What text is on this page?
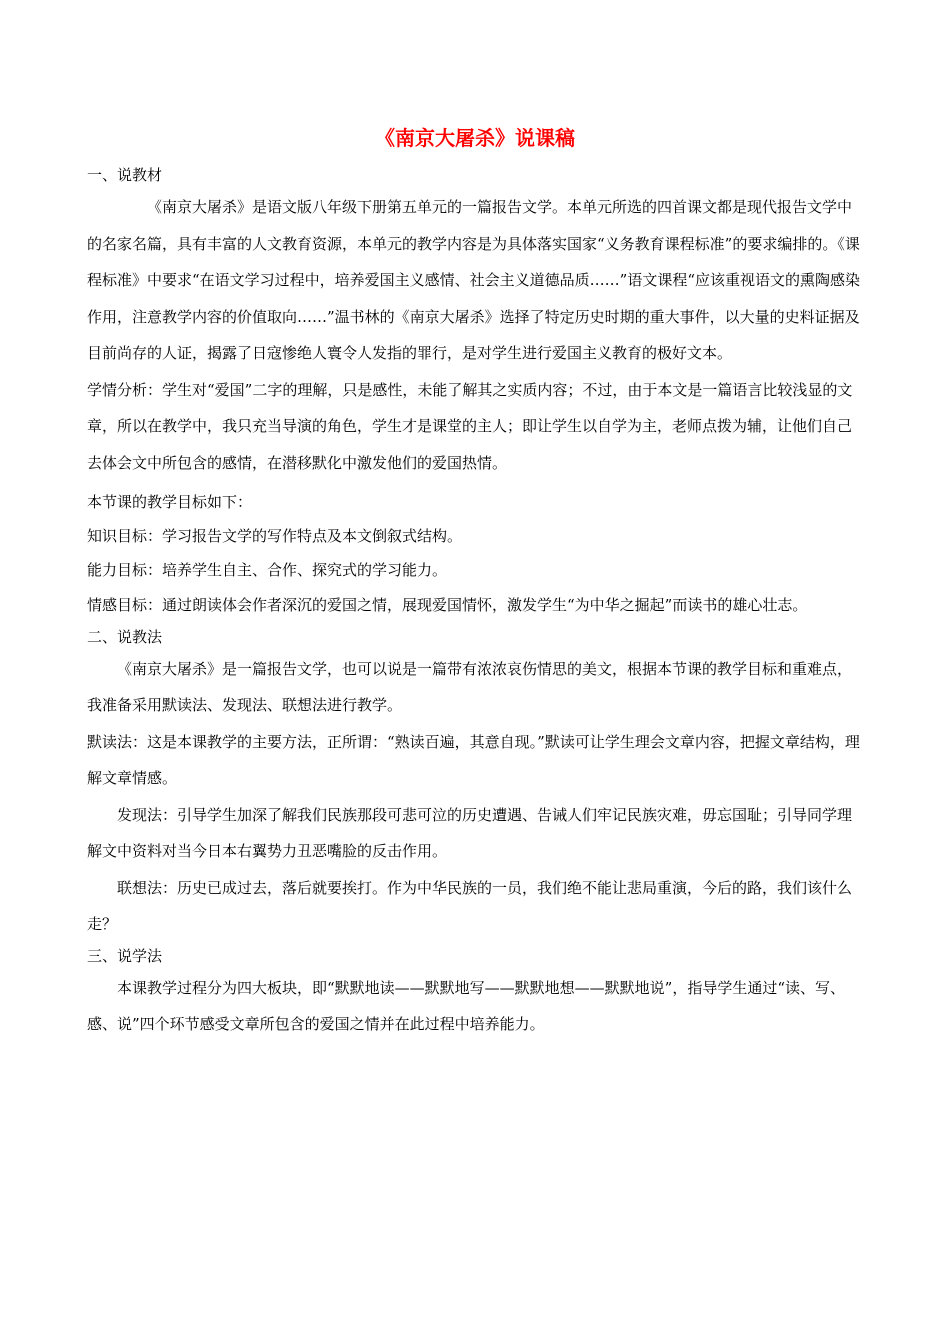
《南京大屠杀》说课稿

一、说教材

《南京大屠杀》是语文版八年级下册第五单元的一篇报告文学。本单元所选的四首课文都是现代报告文学中的名家名篇，具有丰富的人文教育资源，本单元的教学内容是为具体落实国家“义务教育课程标准”的要求编排的。《课程标准》中要求“在语文学习过程中，培养爱国主义感情、社会主义道德品质……”语文课程“应该重视语文的熏陶感染作用，注意教学内容的价值取向……”温书林的《南京大屠杀》选择了特定历史时期的重大事件，以大量的史料证据及目前尚存的人证，揭露了日寇惨绝人寰令人发指的罪行，是对学生进行爱国主义教育的极好文本。

学情分析：学生对“爱国”二字的理解，只是感性，未能了解其之实质内容；不过，由于本文是一篇语言比较浅显的文章，所以在教学中，我只充当导演的角色，学生才是课堂的主人；即让学生以自学为主，老师点拨为辅，让他们自己去体会文中所包含的感情，在潜移默化中激发他们的爱国热情。

本节课的教学目标如下：

知识目标：学习报告文学的写作特点及本文倒叙式结构。

能力目标：培养学生自主、合作、探究式的学习能力。

情感目标：通过朗读体会作者深沉的爱国之情，展现爱国情怀，激发学生“为中华之掘起”而读书的雄心壮志。

二、说教法

《南京大屠杀》是一篇报告文学，也可以说是一篇带有浓浓哀伤情思的美文，根据本节课的教学目标和重难点，我准备采用默读法、发现法、联想法进行教学。

默读法：这是本课教学的主要方法，正所谓：“熟读百遍，其意自现。”默读可让学生理会文章内容，把握文章结构，理解文章情感。

发现法：引导学生加深了解我们民族那段可悲可泣的历史遭遇、告诫人们牢记民族灾难，毋忘国耻；引导同学理解文中资料对当今日本右翼势力丑恶嘴脸的反击作用。

联想法：历史已成过去，落后就要挨打。作为中华民族的一员，我们绝不能让悲局重演，今后的路，我们该什么走？

三、说学法

本课教学过程分为四大板块，即“默默地读——默默地写——默默地想——默默地说”，指导学生通过“读、写、感、说”四个环节感受文章所包含的爱国之情并在此过程中培养能力。
